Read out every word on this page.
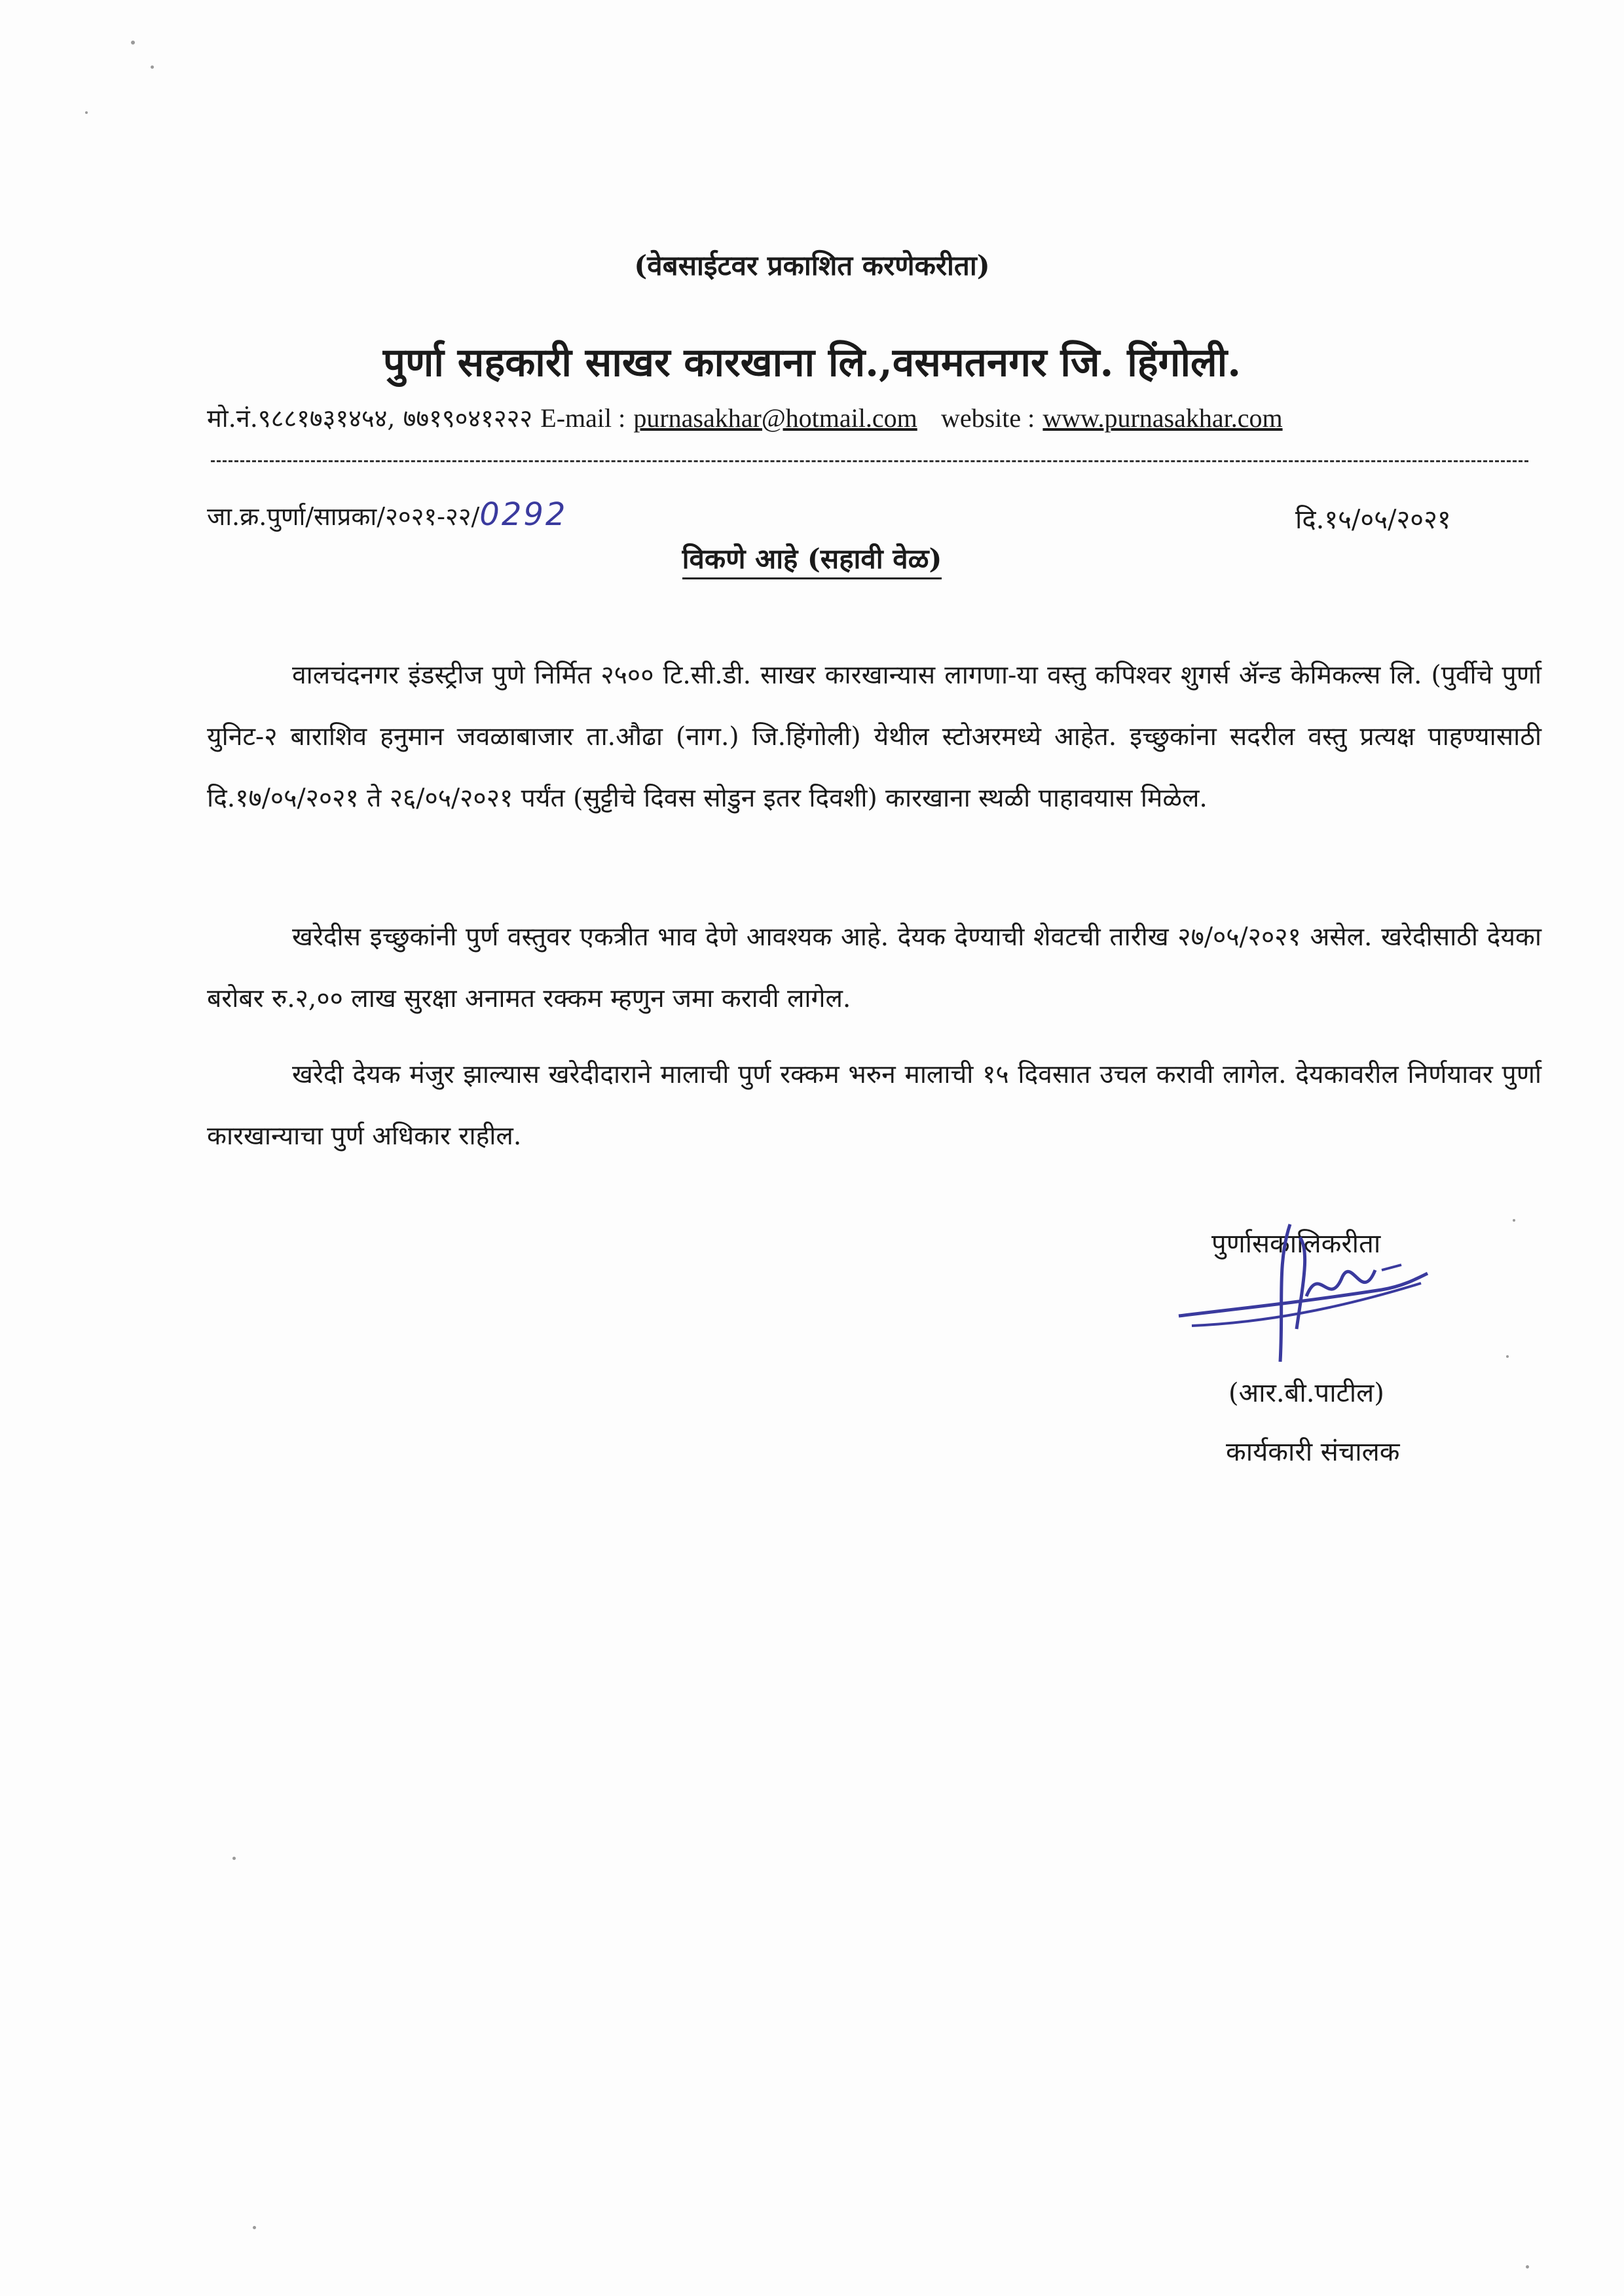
(वेबसाईटवर प्रकाशित करणेकरीता)
पुर्णा सहकारी साखर कारखाना लि.,वसमतनगर जि. हिंगोली.
मो.नं.९८८१७३१४५४, ७७१९०४१२२२ E-mail : purnasakhar@hotmail.com website : www.purnasakhar.com
जा.क्र.पुर्णा/साप्रका/२०२१-२२/0292	दि.१५/०५/२०२१
विकणे आहे (सहावी वेळ)

वालचंदनगर इंडस्ट्रीज पुणे निर्मित २५०० टि.सी.डी. साखर कारखान्यास लागणा-या वस्तु कपिश्वर शुगर्स ॲन्ड केमिकल्स लि. (पुर्वीचे पुर्णा युनिट-२ बाराशिव हनुमान जवळाबाजार ता.औढा (नाग.) जि.हिंगोली) येथील स्टोअरमध्ये आहेत. इच्छुकांना सदरील वस्तु प्रत्यक्ष पाहण्यासाठी दि.१७/०५/२०२१ ते २६/०५/२०२१ पर्यंत (सुट्टीचे दिवस सोडुन इतर दिवशी) कारखाना स्थळी पाहावयास मिळेल.

खरेदीस इच्छुकांनी पुर्ण वस्तुवर एकत्रीत भाव देणे आवश्यक आहे. देयक देण्याची शेवटची तारीख २७/०५/२०२१ असेल. खरेदीसाठी देयका बरोबर रु.२,०० लाख सुरक्षा अनामत रक्कम म्हणुन जमा करावी लागेल.

खरेदी देयक मंजुर झाल्यास खरेदीदाराने मालाची पुर्ण रक्कम भरुन मालाची १५ दिवसात उचल करावी लागेल. देयकावरील निर्णयावर पुर्णा कारखान्याचा पुर्ण अधिकार राहील.

पुर्णासकालिकरीता
(आर.बी.पाटील)
कार्यकारी संचालक
